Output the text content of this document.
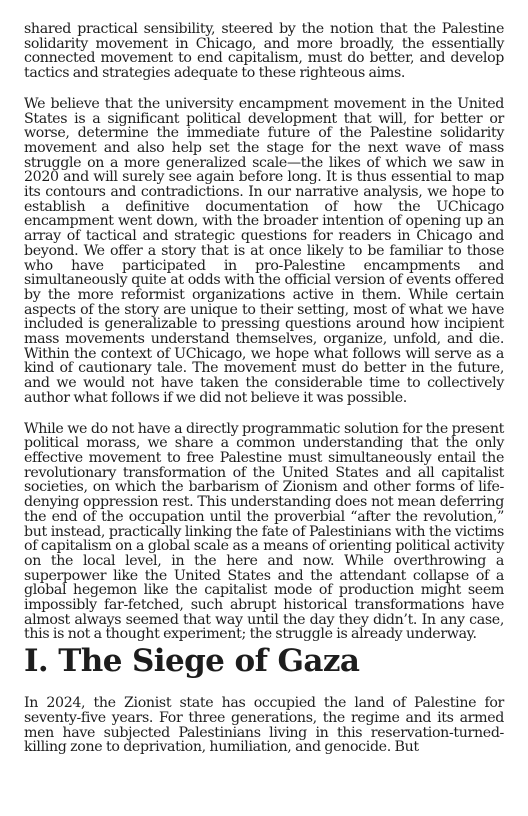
shared practical sensibility, steered by the notion that the Palestine solidarity movement in Chicago, and more broadly, the essentially connected movement to end capitalism, must do better, and develop tactics and strategies adequate to these righteous aims.

We believe that the university encampment movement in the United States is a significant political development that will, for better or worse, determine the immediate future of the Palestine solidarity movement and also help set the stage for the next wave of mass struggle on a more generalized scale—the likes of which we saw in 2020 and will surely see again before long. It is thus essential to map its contours and contradictions. In our narrative analysis, we hope to establish a definitive documentation of how the UChicago encampment went down, with the broader intention of opening up an array of tactical and strategic questions for readers in Chicago and beyond. We offer a story that is at once likely to be familiar to those who have participated in pro-Palestine encampments and simultaneously quite at odds with the official version of events offered by the more reformist organizations active in them. While certain aspects of the story are unique to their setting, most of what we have included is generalizable to pressing questions around how incipient mass movements understand themselves, organize, unfold, and die. Within the context of UChicago, we hope what follows will serve as a kind of cautionary tale. The movement must do better in the future, and we would not have taken the considerable time to collectively author what follows if we did not believe it was possible.

While we do not have a directly programmatic solution for the present political morass, we share a common understanding that the only effective movement to free Palestine must simultaneously entail the revolutionary transformation of the United States and all capitalist societies, on which the barbarism of Zionism and other forms of life-denying oppression rest. This understanding does not mean deferring the end of the occupation until the proverbial “after the revolution,” but instead, practically linking the fate of Palestinians with the victims of capitalism on a global scale as a means of orienting political activity on the local level, in the here and now. While overthrowing a superpower like the United States and the attendant collapse of a global hegemon like the capitalist mode of production might seem impossibly far-fetched, such abrupt historical transformations have almost always seemed that way until the day they didn’t. In any case, this is not a thought experiment; the struggle is already underway.

I. The Siege of Gaza

In 2024, the Zionist state has occupied the land of Palestine for seventy-five years. For three generations, the regime and its armed men have subjected Palestinians living in this reservation-turned-killing zone to deprivation, humiliation, and genocide. But
